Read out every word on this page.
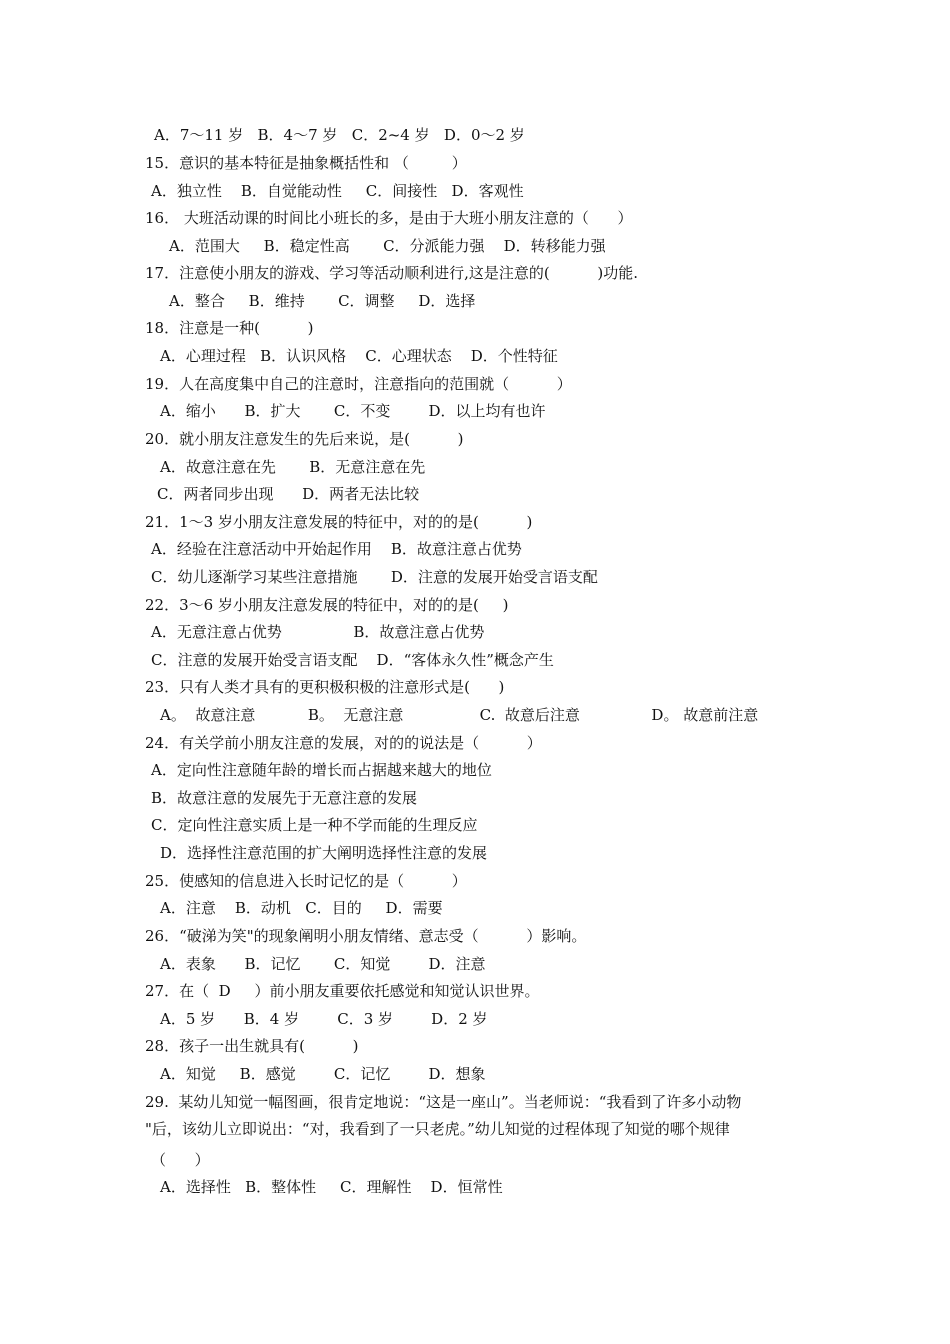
A．7～11 岁   B．4～7 岁   C．2~4 岁   D．0～2 岁
15．意识的基本特征是抽象概括性和 （         ）
A．独立性    B．自觉能动性     C．间接性   D．客观性
16． 大班活动课的时间比小班长的多，是由于大班小朋友注意的（      ）
A．范围大     B．稳定性高       C．分派能力强    D．转移能力强
17．注意使小朋友的游戏、学习等活动顺利进行,这是注意的(          )功能.
A．整合     B．维持       C．调整     D．选择
18．注意是一种(          )
A．心理过程   B．认识风格    C．心理状态    D．个性特征
19．人在高度集中自己的注意时，注意指向的范围就（          ）
A．缩小      B．扩大       C．不变        D．以上均有也许
20．就小朋友注意发生的先后来说，是(          )
A．故意注意在先       B．无意注意在先
C．两者同步出现      D．两者无法比较
21．1～3 岁小朋友注意发展的特征中，对的的是(          )
A．经验在注意活动中开始起作用    B．故意注意占优势
C．幼儿逐渐学习某些注意措施       D．注意的发展开始受言语支配
22．3～6 岁小朋友注意发展的特征中，对的的是(     )
A．无意注意占优势               B．故意注意占优势
C．注意的发展开始受言语支配    D．“客体永久性”概念产生
23．只有人类才具有的更积极积极的注意形式是(      )
A。  故意注意           B。  无意注意                C.  故意后注意               D。 故意前注意
24．有关学前小朋友注意的发展，对的的说法是（          ）
A．定向性注意随年龄的增长而占据越来越大的地位
B．故意注意的发展先于无意注意的发展
C．定向性注意实质上是一种不学而能的生理反应
D．选择性注意范围的扩大阐明选择性注意的发展
25．使感知的信息进入长时记忆的是（          ）
A．注意    B．动机   C．目的     D．需要
26．“破涕为笑"的现象阐明小朋友情绪、意志受（          ）影响。
A．表象      B．记忆       C．知觉        D．注意
27．在（  D     ）前小朋友重要依托感觉和知觉认识世界。
A．5 岁      B．4 岁        C．3 岁        D．2 岁
28．孩子一出生就具有(          )
A．知觉     B．感觉        C．记忆        D．想象
29.  某幼儿知觉一幅图画，很肯定地说：“这是一座山”。当老师说：“我看到了许多小动物
"后，该幼儿立即说出：“对，我看到了一只老虎。”幼儿知觉的过程体现了知觉的哪个规律
（      ）
A．选择性   B．整体性     C．理解性    D．恒常性
